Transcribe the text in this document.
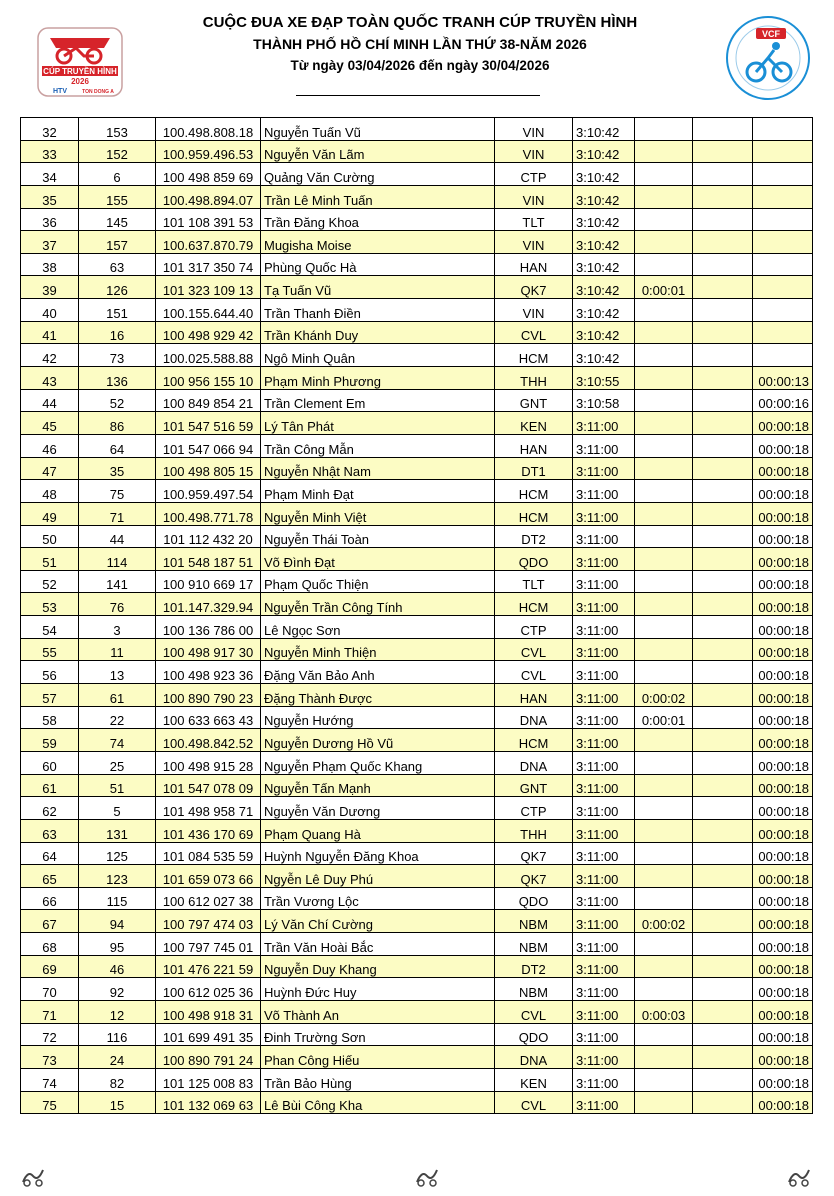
CÚP TRUYỀN HÌNH
2026
HTV	TON DONG A
CUỘC ĐUA XE ĐẠP TOÀN QUỐC TRANH CÚP TRUYỀN HÌNH
THÀNH PHỐ HỒ CHÍ MINH LẦN THỨ 38-NĂM 2026
Từ ngày 03/04/2026 đến ngày 30/04/2026
VCF
32	153	100.498.808.18	Nguyễn Tuấn Vũ	VIN	3:10:42			
33	152	100.959.496.53	Nguyễn Văn Lãm	VIN	3:10:42			
34	6	100 498 859 69	Quảng Văn Cường	CTP	3:10:42			
35	155	100.498.894.07	Trần Lê Minh Tuấn	VIN	3:10:42			
36	145	101 108 391 53	Trần Đăng Khoa	TLT	3:10:42			
37	157	100.637.870.79	Mugisha Moise	VIN	3:10:42			
38	63	101 317 350 74	Phùng Quốc Hà	HAN	3:10:42			
39	126	101 323 109 13	Tạ Tuấn Vũ	QK7	3:10:42	0:00:01		
40	151	100.155.644.40	Trần Thanh Điền	VIN	3:10:42			
41	16	100 498 929 42	Trần Khánh Duy	CVL	3:10:42			
42	73	100.025.588.88	Ngô Minh Quân	HCM	3:10:42			
43	136	100 956 155 10	Phạm Minh Phương	THH	3:10:55			00:00:13
44	52	100 849 854 21	Trần Clement Em	GNT	3:10:58			00:00:16
45	86	101 547 516 59	Lý Tân Phát	KEN	3:11:00			00:00:18
46	64	101 547 066 94	Trần Công Mẫn	HAN	3:11:00			00:00:18
47	35	100 498 805 15	Nguyễn Nhật Nam	DT1	3:11:00			00:00:18
48	75	100.959.497.54	Phạm Minh Đạt	HCM	3:11:00			00:00:18
49	71	100.498.771.78	Nguyễn Minh Việt	HCM	3:11:00			00:00:18
50	44	101 112 432 20	Nguyễn Thái Toàn	DT2	3:11:00			00:00:18
51	114	101 548 187 51	Võ Đình Đạt	QDO	3:11:00			00:00:18
52	141	100 910 669 17	Phạm Quốc Thiện	TLT	3:11:00			00:00:18
53	76	101.147.329.94	Nguyễn Trần Công Tính	HCM	3:11:00			00:00:18
54	3	100 136 786 00	Lê Ngọc Sơn	CTP	3:11:00			00:00:18
55	11	100 498 917 30	Nguyễn Minh Thiện	CVL	3:11:00			00:00:18
56	13	100 498 923 36	Đặng Văn Bảo Anh	CVL	3:11:00			00:00:18
57	61	100 890 790 23	Đặng Thành Được	HAN	3:11:00	0:00:02		00:00:18
58	22	100 633 663 43	Nguyễn Hướng	DNA	3:11:00	0:00:01		00:00:18
59	74	100.498.842.52	Nguyễn Dương Hồ Vũ	HCM	3:11:00			00:00:18
60	25	100 498 915 28	Nguyễn Phạm Quốc Khang	DNA	3:11:00			00:00:18
61	51	101 547 078 09	Nguyễn Tấn Mạnh	GNT	3:11:00			00:00:18
62	5	101 498 958 71	Nguyễn Văn Dương	CTP	3:11:00			00:00:18
63	131	101 436 170 69	Phạm Quang Hà	THH	3:11:00			00:00:18
64	125	101 084 535 59	Huỳnh Nguyễn Đăng Khoa	QK7	3:11:00			00:00:18
65	123	101 659 073 66	Ngyễn Lê Duy Phú	QK7	3:11:00			00:00:18
66	115	100 612 027 38	Trần Vương Lộc	QDO	3:11:00			00:00:18
67	94	100 797 474 03	Lý Văn Chí Cường	NBM	3:11:00	0:00:02		00:00:18
68	95	100 797 745 01	Trần Văn Hoài Bắc	NBM	3:11:00			00:00:18
69	46	101 476 221 59	Nguyễn Duy Khang	DT2	3:11:00			00:00:18
70	92	100 612 025 36	Huỳnh Đức Huy	NBM	3:11:00			00:00:18
71	12	100 498 918 31	Võ Thành An	CVL	3:11:00	0:00:03		00:00:18
72	116	101 699 491 35	Đinh Trường Sơn	QDO	3:11:00			00:00:18
73	24	100 890 791 24	Phan Công Hiếu	DNA	3:11:00			00:00:18
74	82	101 125 008 83	Trần Bảo Hùng	KEN	3:11:00			00:00:18
75	15	101 132 069 63	Lê Bùi Công Kha	CVL	3:11:00			00:00:18
